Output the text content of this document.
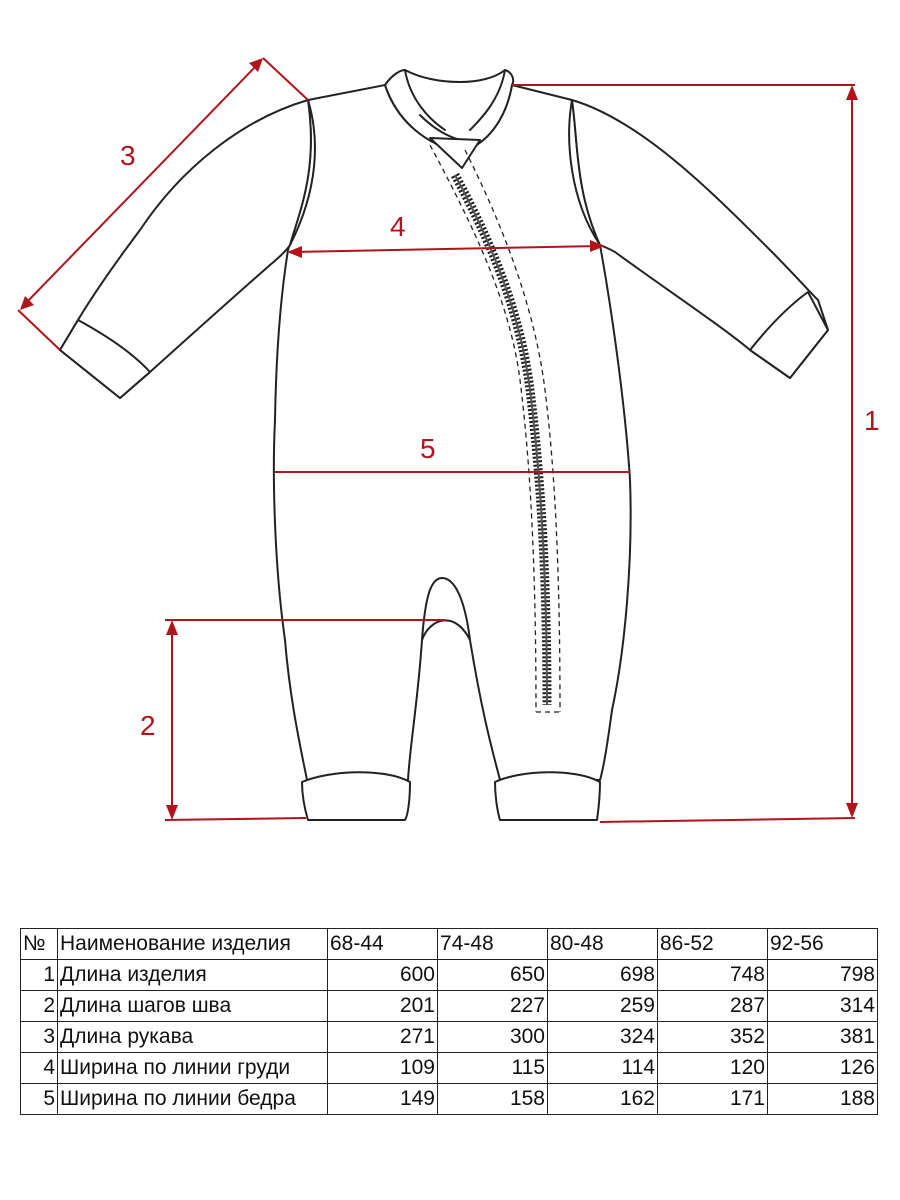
1
2
3
4
5
№	Наименование изделия	68-44	74-48	80-48	86-52	92-56
1	Длина изделия	600	650	698	748	798
2	Длина шагов шва	201	227	259	287	314
3	Длина рукава	271	300	324	352	381
4	Ширина по линии груди	109	115	114	120	126
5	Ширина по линии бедра	149	158	162	171	188
